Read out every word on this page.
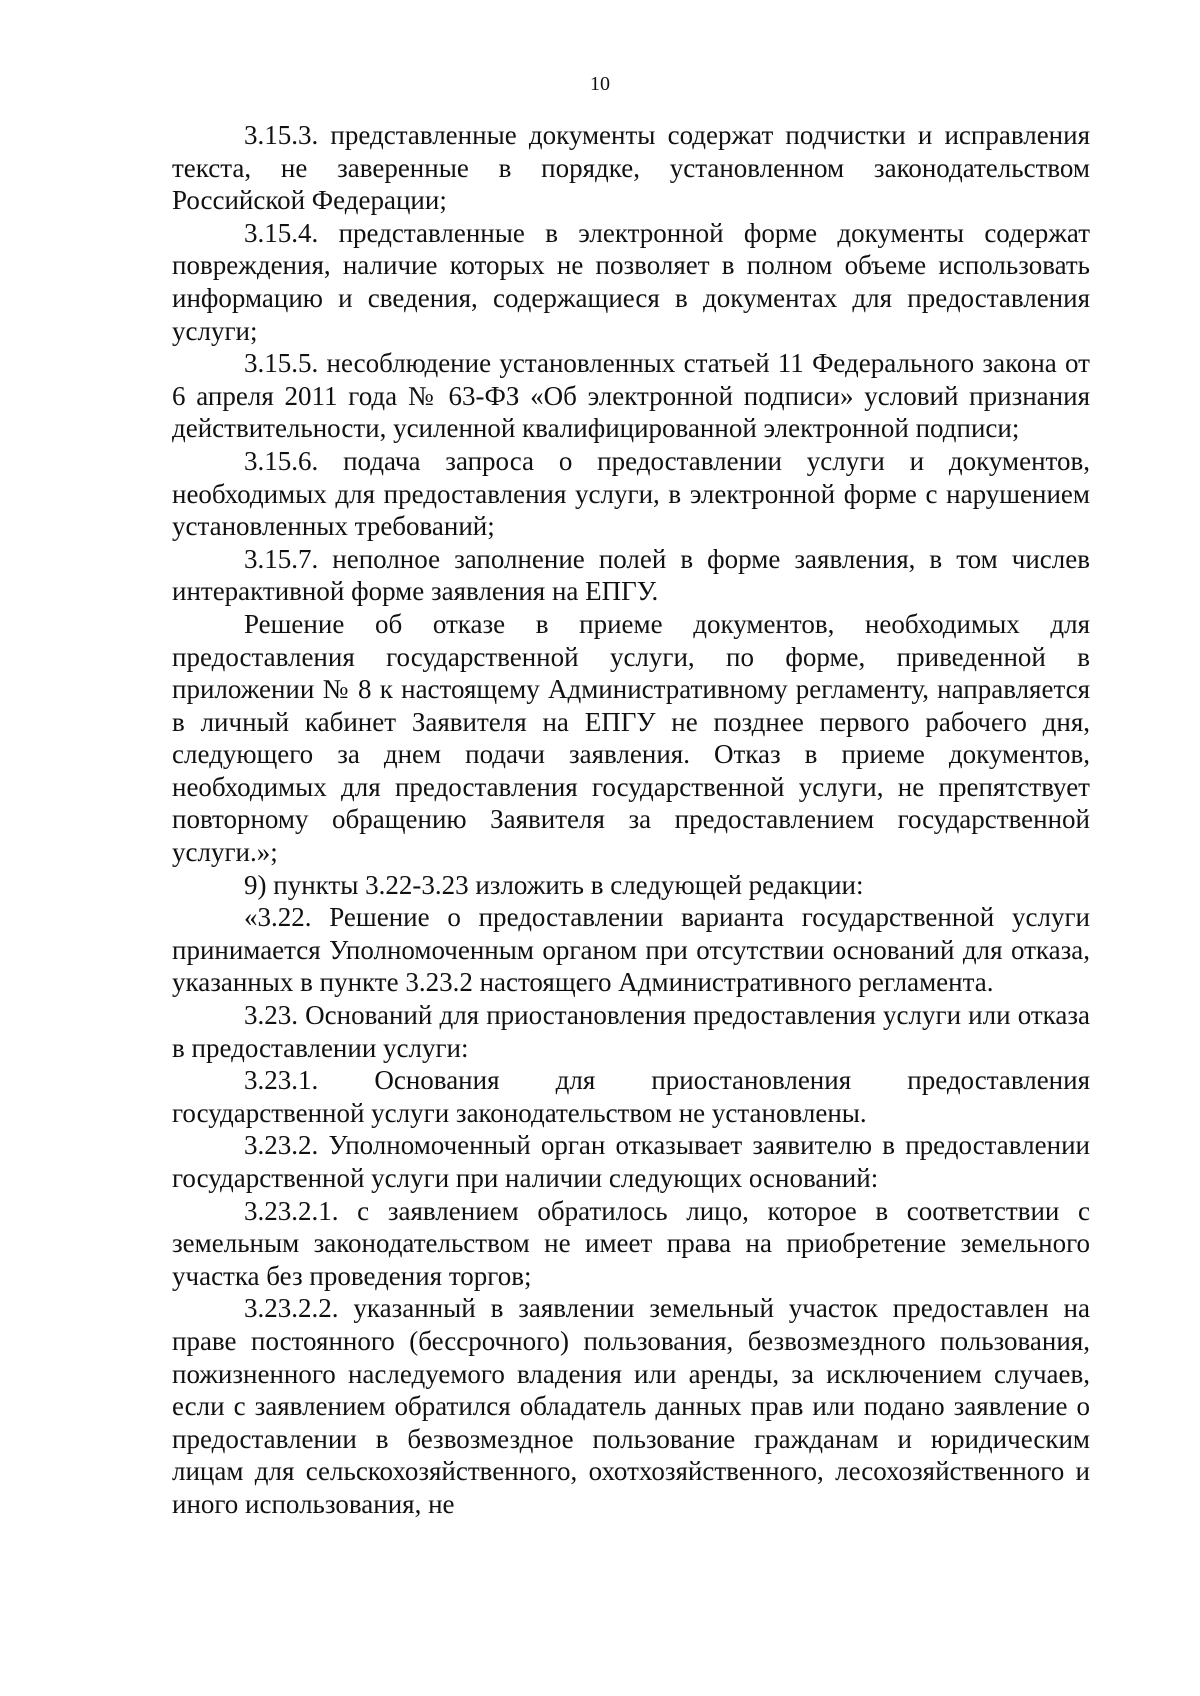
10

3.15.3. представленные документы содержат подчистки и исправления текста, не заверенные в порядке, установленном законодательством Российской Федерации;

3.15.4. представленные в электронной форме документы содержат повреждения, наличие которых не позволяет в полном объеме использовать информацию и сведения, содержащиеся в документах для предоставления услуги;

3.15.5. несоблюдение установленных статьей 11 Федерального закона от 6 апреля 2011 года № 63-ФЗ «Об электронной подписи» условий признания действительности, усиленной квалифицированной электронной подписи;

3.15.6. подача запроса о предоставлении услуги и документов, необходимых для предоставления услуги, в электронной форме с нарушением установленных требований;

3.15.7. неполное заполнение полей в форме заявления, в том числев интерактивной форме заявления на ЕПГУ.

Решение об отказе в приеме документов, необходимых для предоставления государственной услуги, по форме, приведенной в приложении № 8 к настоящему Административному регламенту, направляется в личный кабинет Заявителя на ЕПГУ не позднее первого рабочего дня, следующего за днем подачи заявления. Отказ в приеме документов, необходимых для предоставления государственной услуги, не препятствует повторному обращению Заявителя за предоставлением государственной услуги.»;

9) пункты 3.22-3.23 изложить в следующей редакции:

«3.22. Решение о предоставлении варианта государственной услуги принимается Уполномоченным органом при отсутствии оснований для отказа, указанных в пункте 3.23.2 настоящего Административного регламента.

3.23. Оснований для приостановления предоставления услуги или отказа в предоставлении услуги:

3.23.1. Основания для приостановления предоставления государственной услуги законодательством не установлены.

3.23.2. Уполномоченный орган отказывает заявителю в предоставлении государственной услуги при наличии следующих оснований:

3.23.2.1. с заявлением обратилось лицо, которое в соответствии с земельным законодательством не имеет права на приобретение земельного участка без проведения торгов;

3.23.2.2. указанный в заявлении земельный участок предоставлен на праве постоянного (бессрочного) пользования, безвозмездного пользования, пожизненного наследуемого владения или аренды, за исключением случаев, если с заявлением обратился обладатель данных прав или подано заявление о предоставлении в безвозмездное пользование гражданам и юридическим лицам для сельскохозяйственного, охотхозяйственного, лесохозяйственного и иного использования, не
